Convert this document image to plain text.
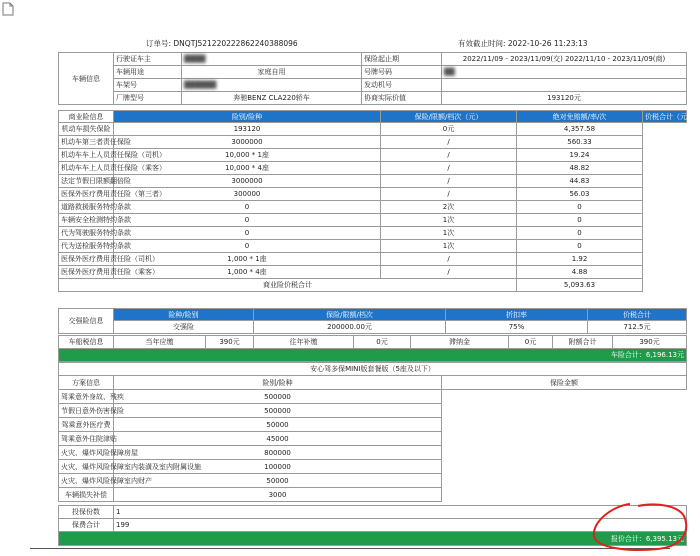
订单号: DNQTJ521220222862240388096	有效截止时间: 2022-10-26 11:23:13
车辆信息	行驶证车主	████	保险起止期	2022/11/09 - 2023/11/09(交) 2022/11/10 - 2023/11/09(商)
	车辆用途	家庭自用	号牌号码	██
	车架号	██████	发动机号	
	厂牌型号	奔驰BENZ CLA220轿车	协商实际价值	193120元
商业险信息	险别/险种	保险/限额/档次（元）	绝对免赔额/率/次	价税合计（元）
机动车损失保险	193120	0元	4,357.58	
机动车第三者责任保险	3000000	/	560.33	
机动车车上人员责任保险（司机）	10,000 * 1座	/	19.24	
机动车车上人员责任保险（乘客）	10,000 * 4座	/	48.82	
法定节假日限额翻倍险	3000000	/	44.83	
医保外医疗费用责任险（第三者）	300000	/	56.03	
道路救援服务特约条款	0	2次	0	
车辆安全检测特约条款	0	1次	0	
代为驾驶服务特约条款	0	1次	0	
代为送检服务特约条款	0	1次	0	
医保外医疗费用责任险（司机）	1,000 * 1座	/	1.92	
医保外医疗费用责任险（乘客）	1,000 * 4座	/	4.88	
商业险价税合计			5,093.63	
交强险信息	险种/险别	保险/限额/档次	折扣率	价税合计
	交强险	200000.00元	75%	712.5元
车船税信息	当年应缴	390元	往年补缴	0元	滞纳金	0元	附额合计	390元
车险合计：6,196.13元
安心驾多保MINI版套餐版（5座及以下）		
方案信息	险别/险种	保险金额
驾乘意外身故、残疾	500000	
节假日意外伤害保险	500000	
驾乘意外医疗费	50000	
驾乘意外住院津贴	45000	
火灾、爆炸风险保障房屋	800000	
火灾、爆炸风险保障室内装潢及室内附属设施	100000	
火灾、爆炸风险保障室内财产	50000	
车辆损失补偿	3000	
投保份数	1
保费合计	199
报价合计：6,395.13元	
